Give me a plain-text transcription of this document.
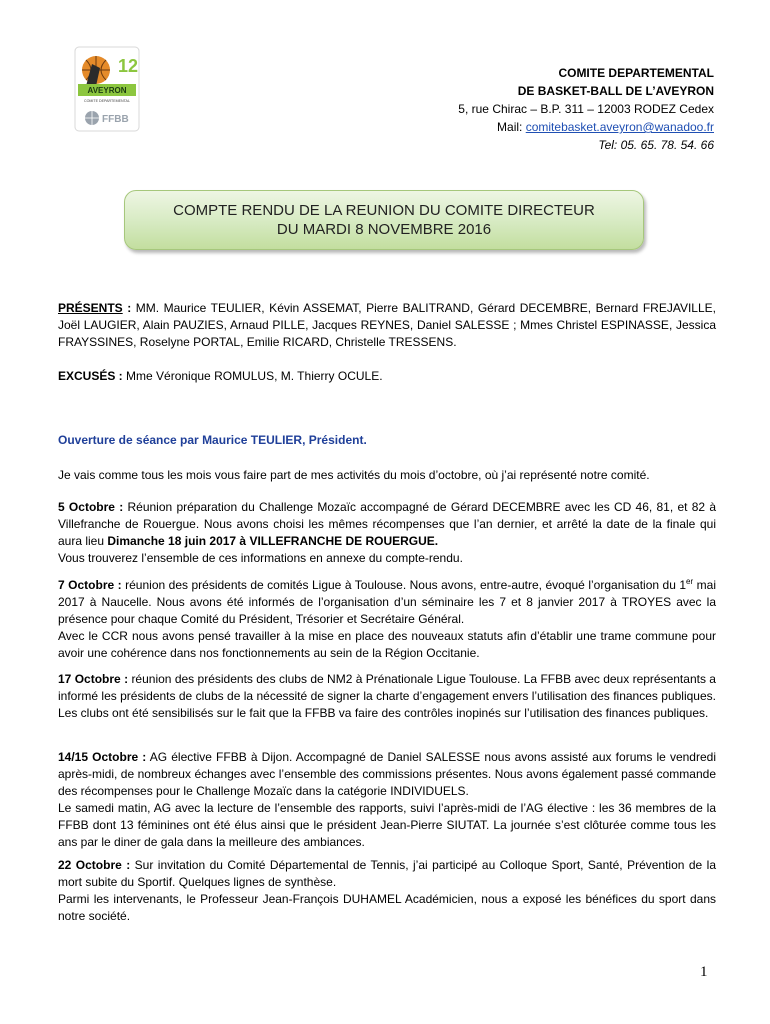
12
AVEYRON
COMITE DEPARTEMENTAL
FFBB
COMITE DEPARTEMENTAL
DE BASKET-BALL DE L’AVEYRON
5, rue Chirac – B.P. 311 – 12003 RODEZ Cedex
Mail: comitebasket.aveyron@wanadoo.fr
Tel: 05. 65. 78. 54. 66
COMPTE RENDU DE LA REUNION DU COMITE DIRECTEUR
DU MARDI 8 NOVEMBRE 2016
PRÉSENTS : MM. Maurice TEULIER, Kévin ASSEMAT, Pierre BALITRAND, Gérard DECEMBRE, Bernard FREJAVILLE, Joël LAUGIER, Alain PAUZIES, Arnaud PILLE, Jacques REYNES, Daniel SALESSE ; Mmes Christel ESPINASSE, Jessica FRAYSSINES, Roselyne PORTAL, Emilie RICARD, Christelle TRESSENS.
EXCUSÉS : Mme Véronique ROMULUS, M. Thierry OCULE.
Ouverture de séance par Maurice TEULIER, Président.
Je vais comme tous les mois vous faire part de mes activités du mois d’octobre, où j’ai représenté notre comité.
5 Octobre : Réunion préparation du Challenge Mozaïc accompagné de Gérard DECEMBRE avec les CD 46, 81, et 82 à Villefranche de Rouergue. Nous avons choisi les mêmes récompenses que l’an dernier, et arrêté la date de la finale qui aura lieu Dimanche 18 juin 2017 à VILLEFRANCHE DE ROUERGUE.
Vous trouverez l’ensemble de ces informations en annexe du compte-rendu.
7 Octobre : réunion des présidents de comités Ligue à Toulouse. Nous avons, entre-autre, évoqué l’organisation du 1er mai 2017 à Naucelle. Nous avons été informés de l’organisation d’un séminaire les 7 et 8 janvier 2017 à TROYES avec la présence pour chaque Comité du Président, Trésorier et Secrétaire Général.
Avec le CCR nous avons pensé travailler à la mise en place des nouveaux statuts afin d’établir une trame commune pour avoir une cohérence dans nos fonctionnements au sein de la Région Occitanie.
17 Octobre : réunion des présidents des clubs de NM2 à Prénationale Ligue Toulouse. La FFBB avec deux représentants a informé les présidents de clubs de la nécessité de signer la charte d’engagement envers l’utilisation des finances publiques. Les clubs ont été sensibilisés sur le fait que la FFBB va faire des contrôles inopinés sur l’utilisation des finances publiques.
14/15 Octobre : AG élective FFBB à Dijon. Accompagné de Daniel SALESSE nous avons assisté aux forums le vendredi après-midi, de nombreux échanges avec l’ensemble des commissions présentes. Nous avons également passé commande des récompenses pour le Challenge Mozaïc dans la catégorie INDIVIDUELS.
Le samedi matin, AG avec la lecture de l’ensemble des rapports, suivi l’après-midi de l’AG élective : les 36 membres de la FFBB dont 13 féminines ont été élus ainsi que le président Jean-Pierre SIUTAT. La journée s’est clôturée comme tous les ans par le diner de gala dans la meilleure des ambiances.
22 Octobre : Sur invitation du Comité Départemental de Tennis, j’ai participé au Colloque Sport, Santé, Prévention de la mort subite du Sportif. Quelques lignes de synthèse.
Parmi les intervenants, le Professeur Jean-François DUHAMEL Académicien, nous a exposé les bénéfices du sport dans notre société.
1
